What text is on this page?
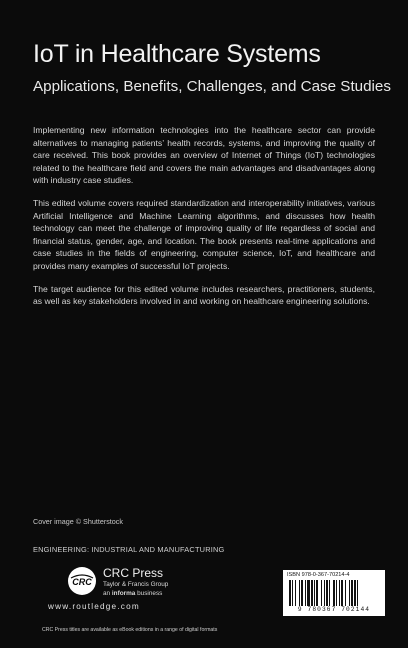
IoT in Healthcare Systems
Applications, Benefits, Challenges, and Case Studies

Implementing new information technologies into the healthcare sector can provide alternatives to managing patients’ health records, systems, and improving the quality of care received. This book provides an overview of Internet of Things (IoT) technologies related to the healthcare field and covers the main advantages and disadvantages along with industry case studies.

This edited volume covers required standardization and interoperability initiatives, various Artificial Intelligence and Machine Learning algorithms, and discusses how health technology can meet the challenge of improving quality of life regardless of social and financial status, gender, age, and location. The book presents real-time applications and case studies in the fields of engineering, computer science, IoT, and healthcare and provides many examples of successful IoT projects.

The target audience for this edited volume includes researchers, practitioners, students, as well as key stakeholders involved in and working on healthcare engineering solutions.

Cover image © Shutterstock
ENGINEERING: INDUSTRIAL AND MANUFACTURING
CRC
CRC Press
Taylor & Francis Group
an informa business
www.routledge.com
CRC Press titles are available as eBook editions in a range of digital formats
ISBN 978-0-367-70214-4
9 780367 702144
